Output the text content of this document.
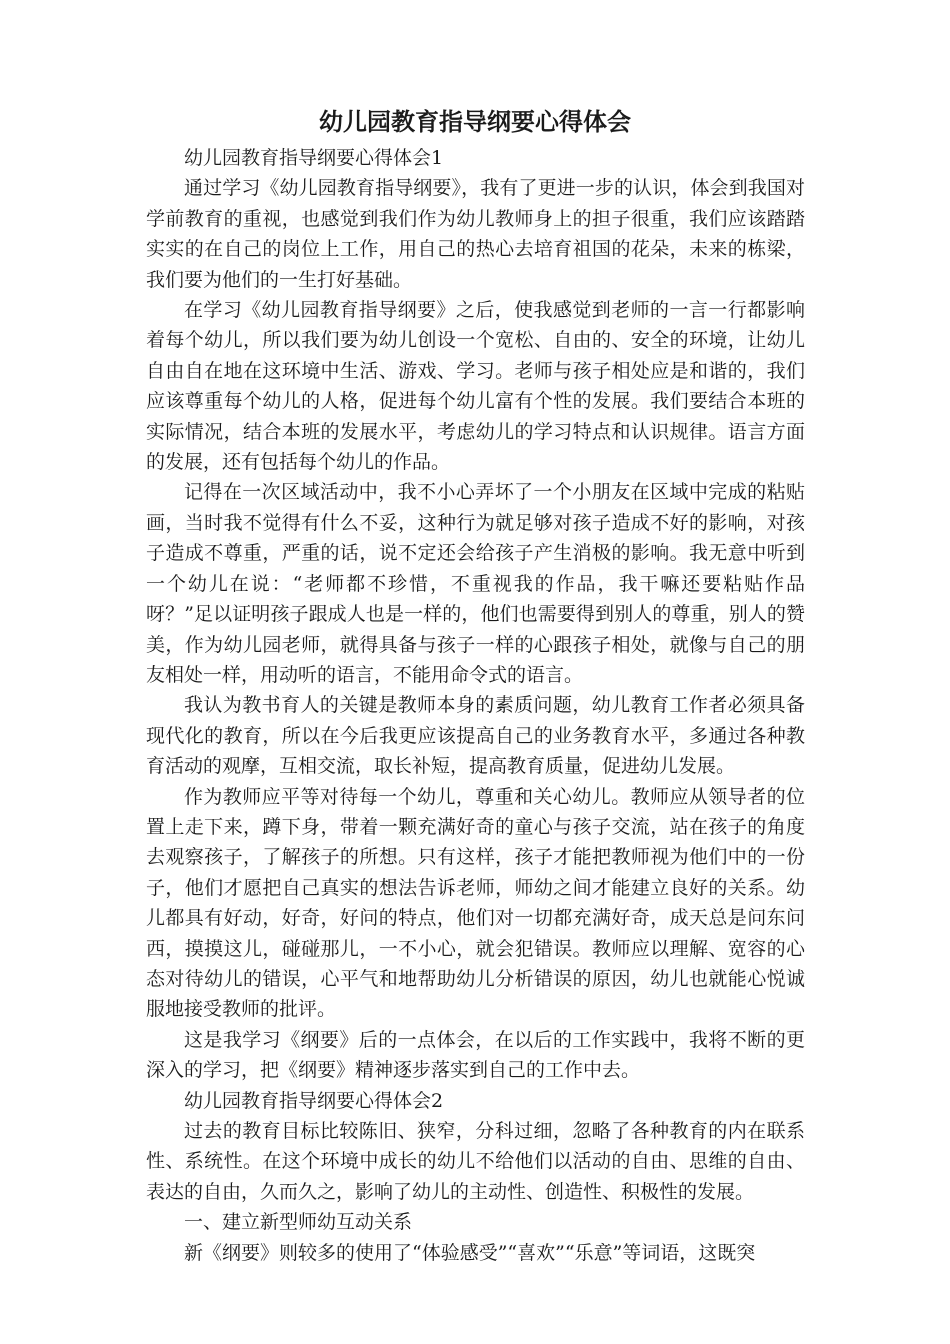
幼儿园教育指导纲要心得体会

幼儿园教育指导纲要心得体会1

通过学习《幼儿园教育指导纲要》，我有了更进一步的认识，体会到我国对学前教育的重视，也感觉到我们作为幼儿教师身上的担子很重，我们应该踏踏实实的在自己的岗位上工作，用自己的热心去培育祖国的花朵，未来的栋梁，我们要为他们的一生打好基础。

在学习《幼儿园教育指导纲要》之后，使我感觉到老师的一言一行都影响着每个幼儿，所以我们要为幼儿创设一个宽松、自由的、安全的环境，让幼儿自由自在地在这环境中生活、游戏、学习。老师与孩子相处应是和谐的，我们应该尊重每个幼儿的人格，促进每个幼儿富有个性的发展。我们要结合本班的实际情况，结合本班的发展水平，考虑幼儿的学习特点和认识规律。语言方面的发展，还有包括每个幼儿的作品。

记得在一次区域活动中，我不小心弄坏了一个小朋友在区域中完成的粘贴画，当时我不觉得有什么不妥，这种行为就足够对孩子造成不好的影响，对孩子造成不尊重，严重的话，说不定还会给孩子产生消极的影响。我无意中听到一个幼儿在说：“老师都不珍惜，不重视我的作品，我干嘛还要粘贴作品呀？”足以证明孩子跟成人也是一样的，他们也需要得到别人的尊重，别人的赞美，作为幼儿园老师，就得具备与孩子一样的心跟孩子相处，就像与自己的朋友相处一样，用动听的语言，不能用命令式的语言。

我认为教书育人的关键是教师本身的素质问题，幼儿教育工作者必须具备现代化的教育，所以在今后我更应该提高自己的业务教育水平，多通过各种教育活动的观摩，互相交流，取长补短，提高教育质量，促进幼儿发展。

作为教师应平等对待每一个幼儿，尊重和关心幼儿。教师应从领导者的位置上走下来，蹲下身，带着一颗充满好奇的童心与孩子交流，站在孩子的角度去观察孩子，了解孩子的所想。只有这样，孩子才能把教师视为他们中的一份子，他们才愿把自己真实的想法告诉老师，师幼之间才能建立良好的关系。幼儿都具有好动，好奇，好问的特点，他们对一切都充满好奇，成天总是问东问西，摸摸这儿，碰碰那儿，一不小心，就会犯错误。教师应以理解、宽容的心态对待幼儿的错误，心平气和地帮助幼儿分析错误的原因，幼儿也就能心悦诚服地接受教师的批评。

这是我学习《纲要》后的一点体会，在以后的工作实践中，我将不断的更深入的学习，把《纲要》精神逐步落实到自己的工作中去。

幼儿园教育指导纲要心得体会2

过去的教育目标比较陈旧、狭窄，分科过细，忽略了各种教育的内在联系性、系统性。在这个环境中成长的幼儿不给他们以活动的自由、思维的自由、表达的自由，久而久之，影响了幼儿的主动性、创造性、积极性的发展。

一、建立新型师幼互动关系

新《纲要》则较多的使用了“体验感受”“喜欢”“乐意”等词语，这既突
